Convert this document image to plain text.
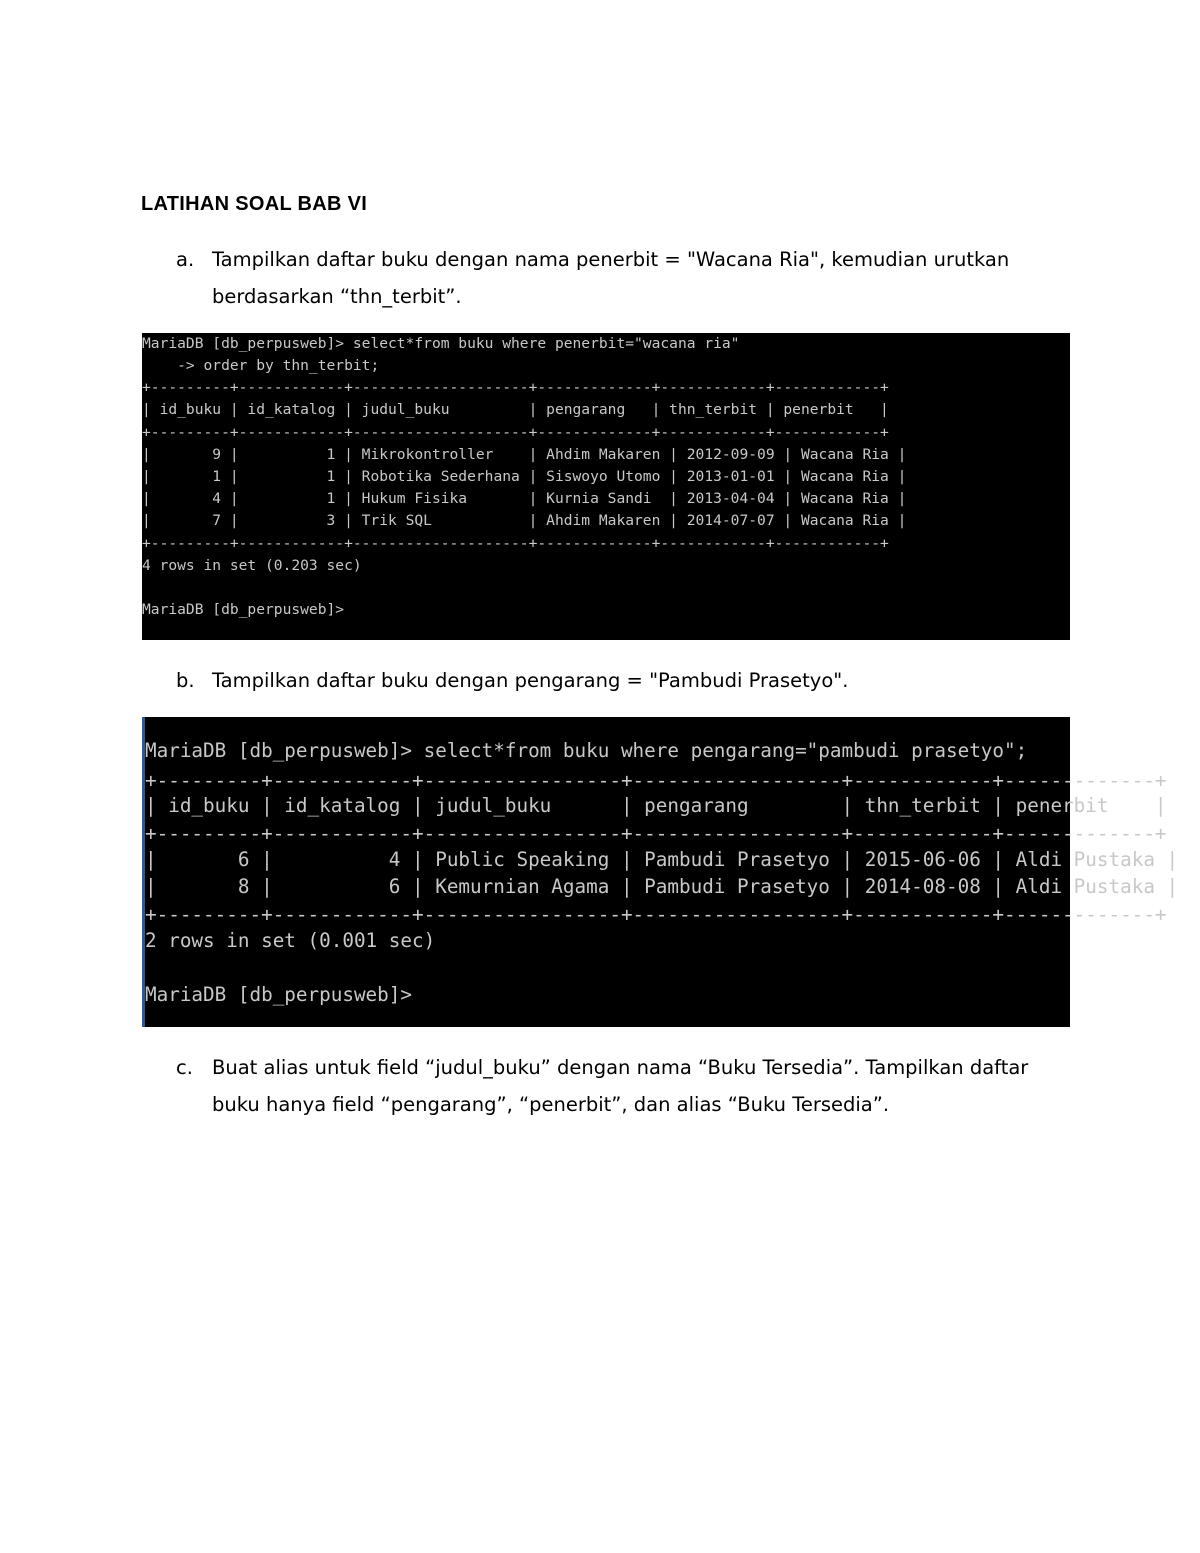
LATIHAN SOAL BAB VI
a. Tampilkan daftar buku dengan nama penerbit = "Wacana Ria", kemudian urutkan berdasarkan “thn_terbit”.

MariaDB [db_perpusweb]> select*from buku where penerbit="wacana ria"

-> order by thn_terbit;

+---------+------------+--------------------+-------------+------------+------------+

| id_buku | id_katalog | judul_buku         | pengarang   | thn_terbit | penerbit   |

+---------+------------+--------------------+-------------+------------+------------+

|       9 |          1 | Mikrokontroller    | Ahdim Makaren | 2012-09-09 | Wacana Ria |

|       1 |          1 | Robotika Sederhana | Siswoyo Utomo | 2013-01-01 | Wacana Ria |

|       4 |          1 | Hukum Fisika       | Kurnia Sandi  | 2013-04-04 | Wacana Ria |

|       7 |          3 | Trik SQL           | Ahdim Makaren | 2014-07-07 | Wacana Ria |

+---------+------------+--------------------+-------------+------------+------------+

4 rows in set (0.203 sec)

MariaDB [db_perpusweb]>

b. Tampilkan daftar buku dengan pengarang = "Pambudi Prasetyo".

MariaDB [db_perpusweb]> select*from buku where pengarang="pambudi prasetyo";

+---------+------------+-----------------+------------------+------------+-------------+

| id_buku | id_katalog | judul_buku      | pengarang        | thn_terbit | penerbit    |

+---------+------------+-----------------+------------------+------------+-------------+

|       6 |          4 | Public Speaking | Pambudi Prasetyo | 2015-06-06 | Aldi Pustaka |

|       8 |          6 | Kemurnian Agama | Pambudi Prasetyo | 2014-08-08 | Aldi Pustaka |

+---------+------------+-----------------+------------------+------------+-------------+

2 rows in set (0.001 sec)

MariaDB [db_perpusweb]>

c. Buat alias untuk field “judul_buku” dengan nama “Buku Tersedia”. Tampilkan daftar buku hanya field “pengarang”, “penerbit”, dan alias “Buku Tersedia”.
